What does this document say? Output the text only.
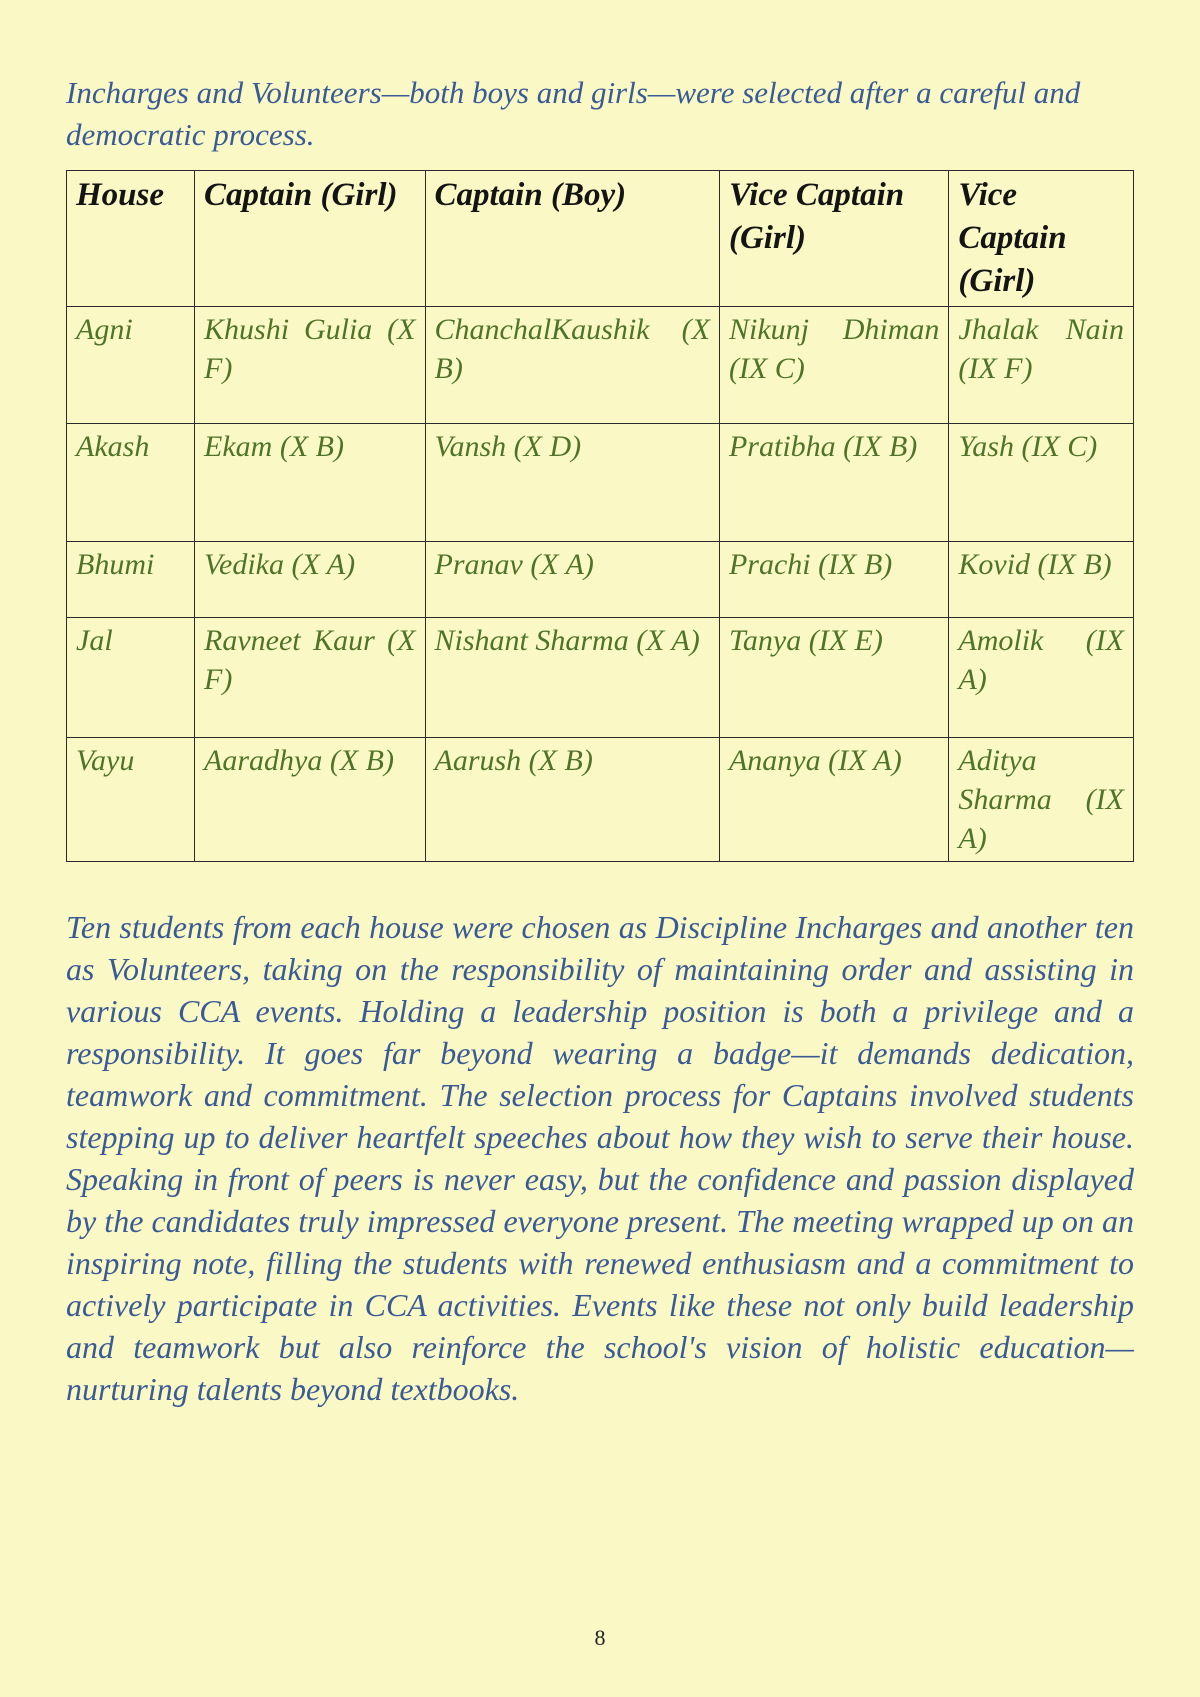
Incharges and Volunteers—both boys and girls—were selected after a careful and democratic process.

House	Captain (Girl)	Captain (Boy)	Vice Captain (Girl)	Vice Captain (Girl)
Agni	Khushi Gulia (X F)	ChanchalKaushik (X B)	Nikunj Dhiman (IX C)	Jhalak Nain (IX F)
Akash	Ekam (X B)	Vansh (X D)	Pratibha (IX B)	Yash (IX C)
Bhumi	Vedika (X A)	Pranav (X A)	Prachi (IX B)	Kovid (IX B)
Jal	Ravneet Kaur (X F)	Nishant Sharma (X A)	Tanya (IX E)	Amolik (IX A)
Vayu	Aaradhya (X B)	Aarush (X B)	Ananya (IX A)	Aditya Sharma (IX A)

Ten students from each house were chosen as Discipline Incharges and another ten as Volunteers, taking on the responsibility of maintaining order and assisting in various CCA events. Holding a leadership position is both a privilege and a responsibility. It goes far beyond wearing a badge—it demands dedication, teamwork and commitment. The selection process for Captains involved students stepping up to deliver heartfelt speeches about how they wish to serve their house. Speaking in front of peers is never easy, but the confidence and passion displayed by the candidates truly impressed everyone present. The meeting wrapped up on an inspiring note, filling the students with renewed enthusiasm and a commitment to actively participate in CCA activities. Events like these not only build leadership and teamwork but also reinforce the school's vision of holistic education—nurturing talents beyond textbooks.

8
